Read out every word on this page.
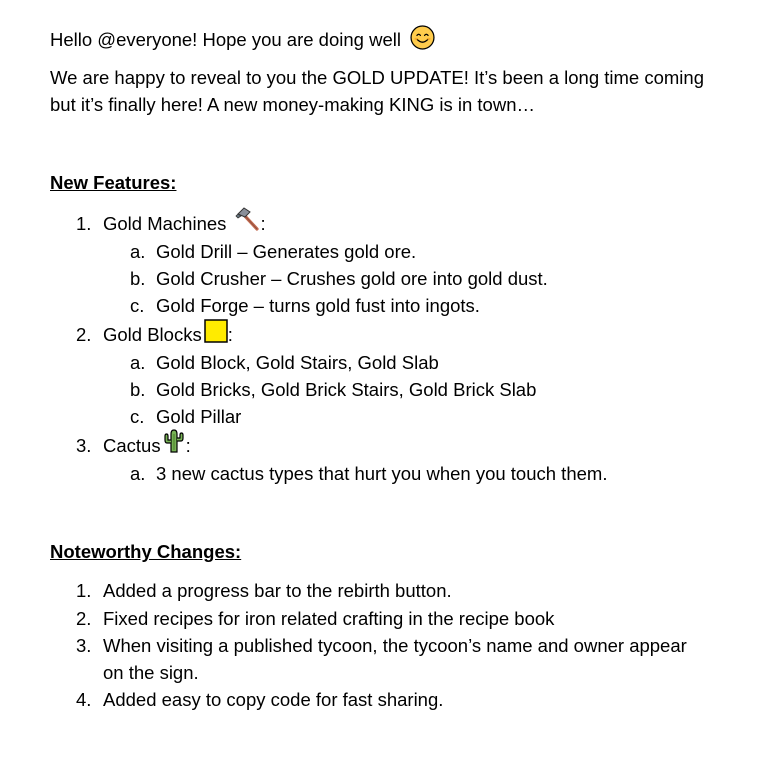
Hello @everyone! Hope you are doing well
We are happy to reveal to you the GOLD UPDATE! It’s been a long time coming
but it’s finally here! A new money-making KING is in town…
New Features:
1. Gold Machines :
a. Gold Drill – Generates gold ore.
b. Gold Crusher – Crushes gold ore into gold dust.
c. Gold Forge – turns gold fust into ingots.
2. Gold Blocks :
a. Gold Block, Gold Stairs, Gold Slab
b. Gold Bricks, Gold Brick Stairs, Gold Brick Slab
c. Gold Pillar
3. Cactus :
a. 3 new cactus types that hurt you when you touch them.
Noteworthy Changes:
1. Added a progress bar to the rebirth button.
2. Fixed recipes for iron related crafting in the recipe book
3. When visiting a published tycoon, the tycoon’s name and owner appear
on the sign.
4. Added easy to copy code for fast sharing.
